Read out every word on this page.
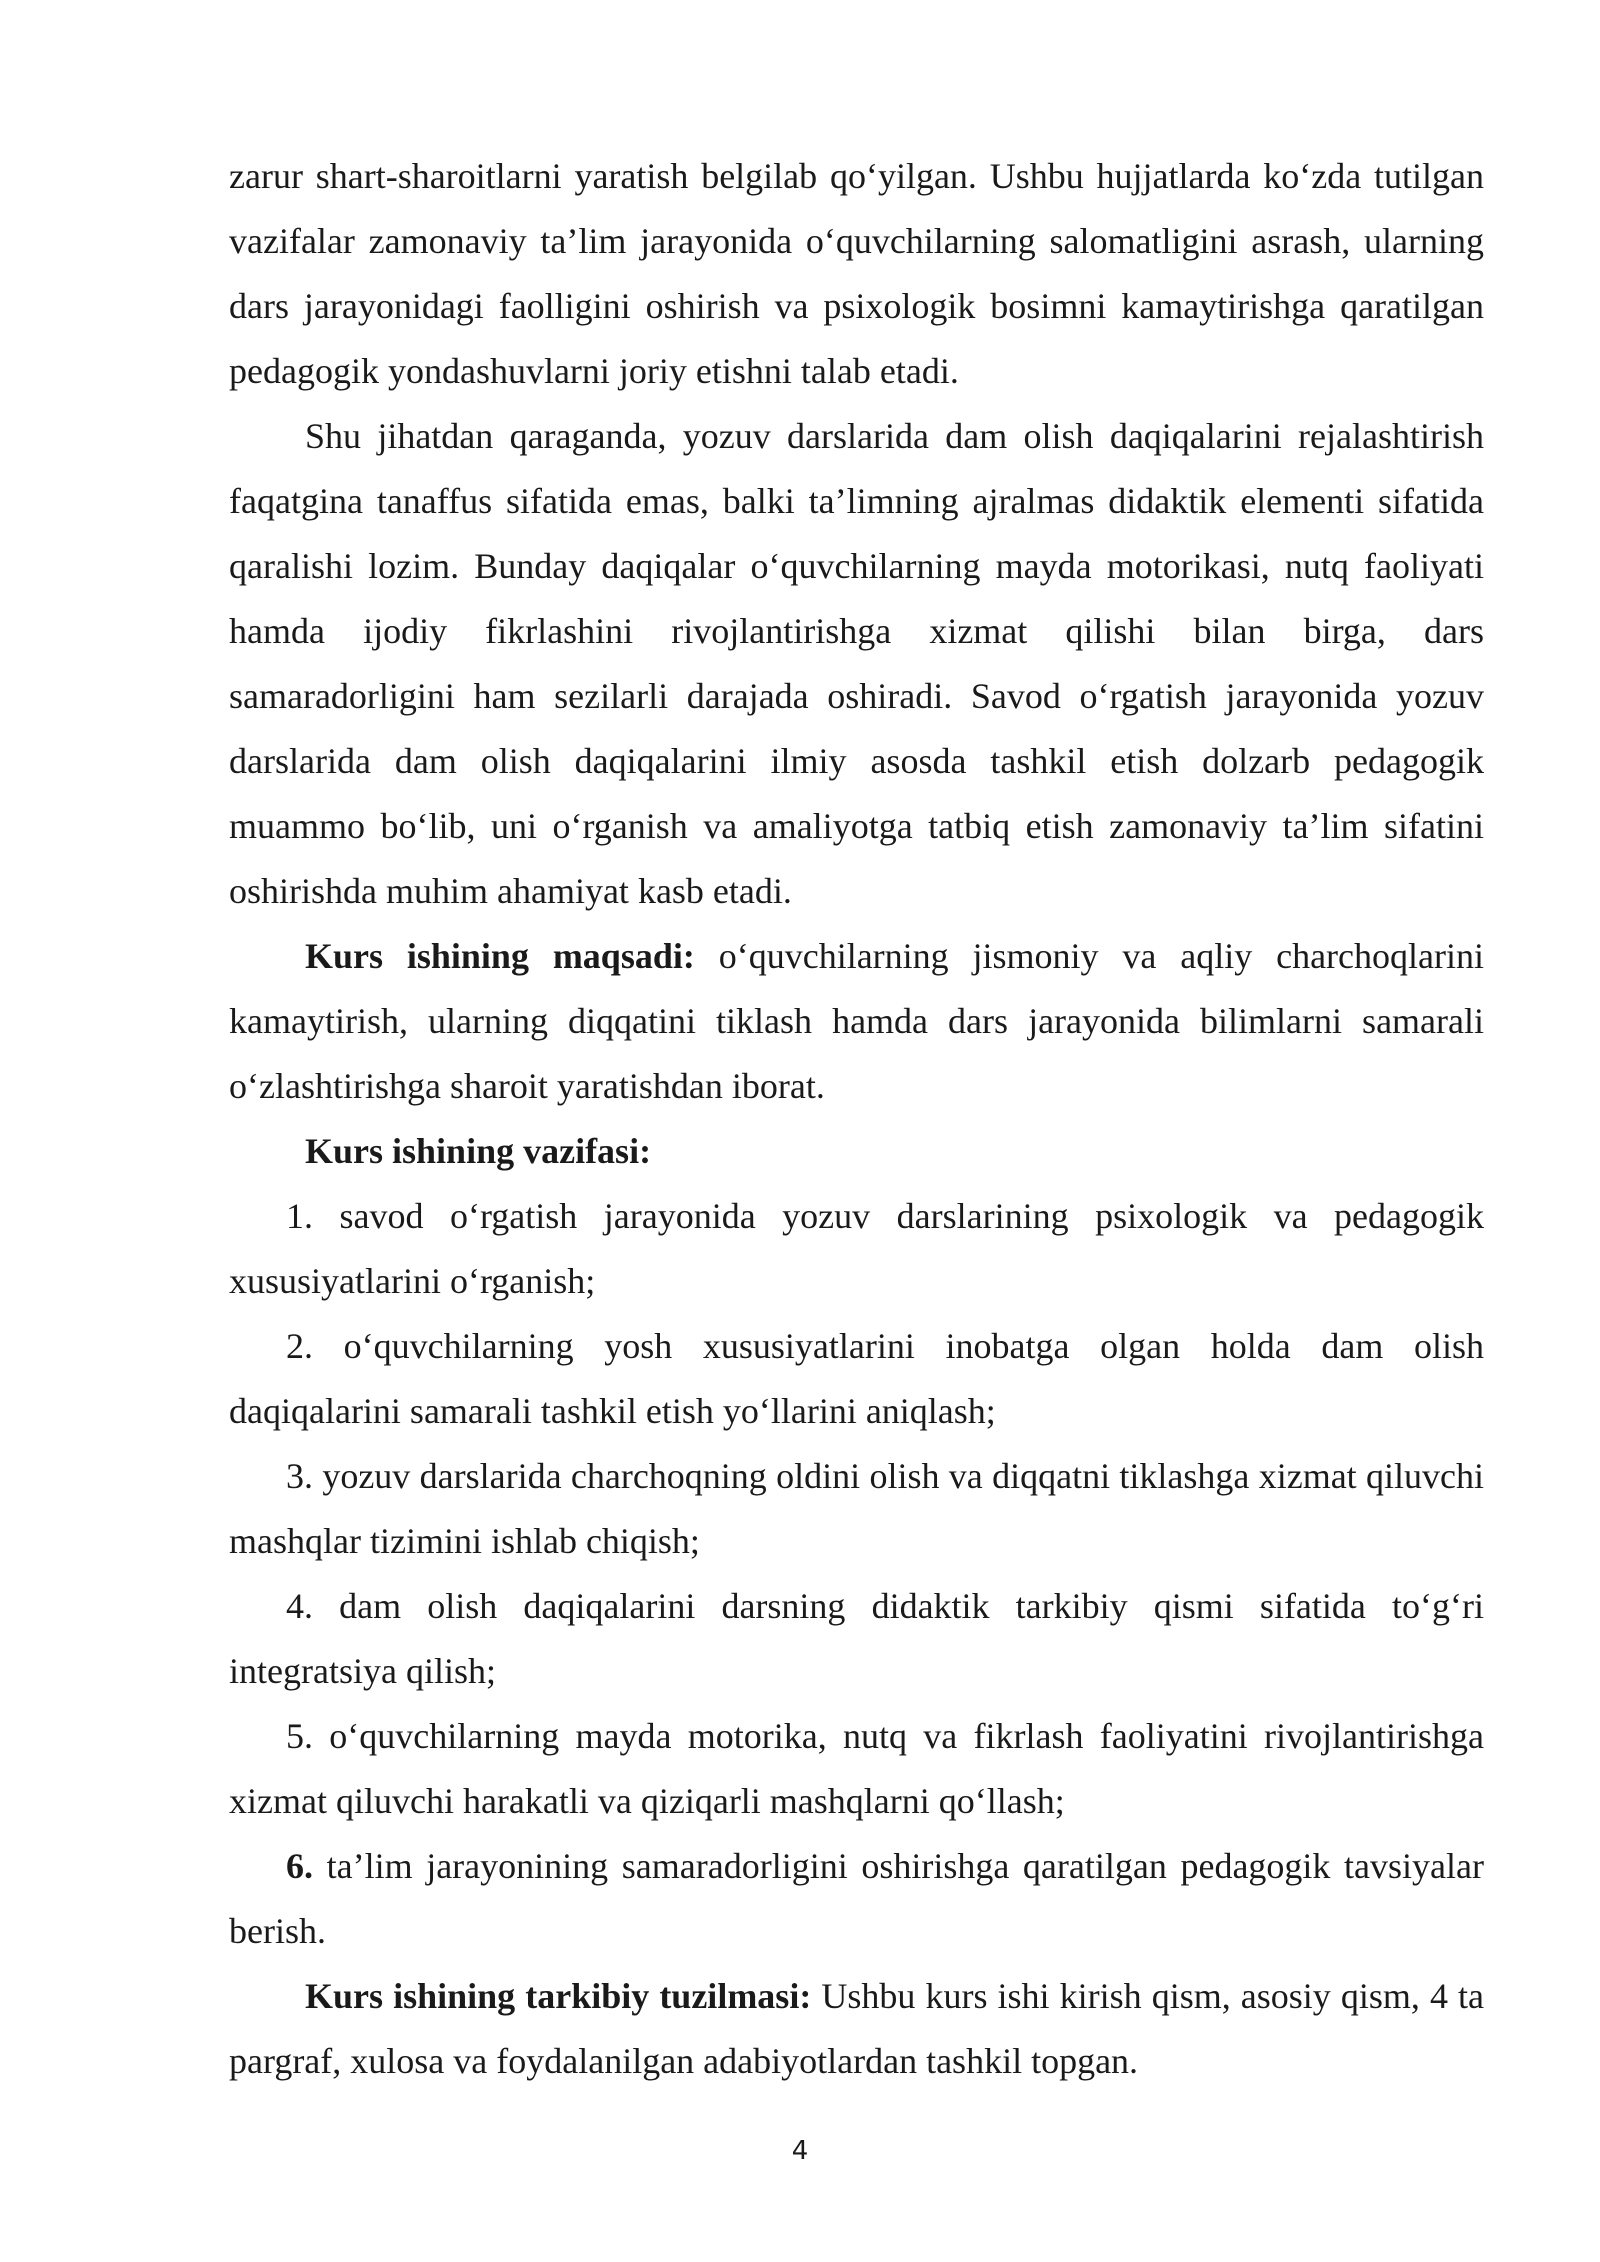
zarur shart-sharoitlarni yaratish belgilab qo‘yilgan. Ushbu hujjatlarda ko‘zda tutilgan vazifalar zamonaviy ta’lim jarayonida o‘quvchilarning salomatligini asrash, ularning dars jarayonidagi faolligini oshirish va psixologik bosimni kamaytirishga qaratilgan pedagogik yondashuvlarni joriy etishni talab etadi.

Shu jihatdan qaraganda, yozuv darslarida dam olish daqiqalarini rejalashtirish faqatgina tanaffus sifatida emas, balki ta’limning ajralmas didaktik elementi sifatida qaralishi lozim. Bunday daqiqalar o‘quvchilarning mayda motorikasi, nutq faoliyati hamda ijodiy fikrlashini rivojlantirishga xizmat qilishi bilan birga, dars samaradorligini ham sezilarli darajada oshiradi. Savod o‘rgatish jarayonida yozuv darslarida dam olish daqiqalarini ilmiy asosda tashkil etish dolzarb pedagogik muammo bo‘lib, uni o‘rganish va amaliyotga tatbiq etish zamonaviy ta’lim sifatini oshirishda muhim ahamiyat kasb etadi.

Kurs ishining maqsadi: o‘quvchilarning jismoniy va aqliy charchoqlarini kamaytirish, ularning diqqatini tiklash hamda dars jarayonida bilimlarni samarali o‘zlashtirishga sharoit yaratishdan iborat.

Kurs ishining vazifasi:

1. savod o‘rgatish jarayonida yozuv darslarining psixologik va pedagogik xususiyatlarini o‘rganish;

2. o‘quvchilarning yosh xususiyatlarini inobatga olgan holda dam olish daqiqalarini samarali tashkil etish yo‘llarini aniqlash;

3. yozuv darslarida charchoqning oldini olish va diqqatni tiklashga xizmat qiluvchi mashqlar tizimini ishlab chiqish;

4. dam olish daqiqalarini darsning didaktik tarkibiy qismi sifatida to‘g‘ri integratsiya qilish;

5. o‘quvchilarning mayda motorika, nutq va fikrlash faoliyatini rivojlantirishga xizmat qiluvchi harakatli va qiziqarli mashqlarni qo‘llash;

6. ta’lim jarayonining samaradorligini oshirishga qaratilgan pedagogik tavsiyalar berish.

Kurs ishining tarkibiy tuzilmasi: Ushbu kurs ishi kirish qism, asosiy qism, 4 ta pargraf, xulosa va foydalanilgan adabiyotlardan tashkil topgan.

4
